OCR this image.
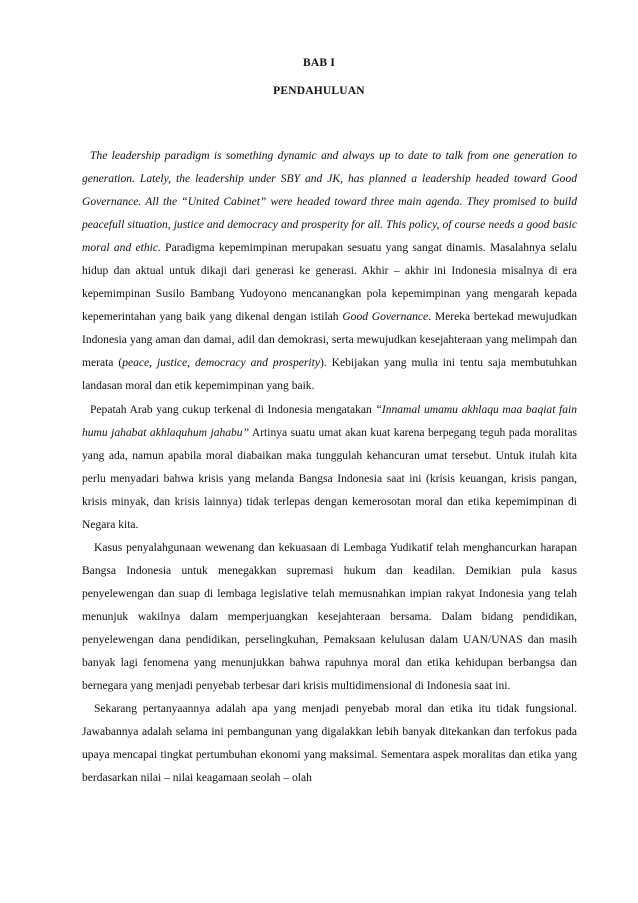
BAB I
PENDAHULUAN

The leadership paradigm is something dynamic and always up to date to talk from one generation to generation. Lately, the leadership under SBY and JK, has planned a leadership headed toward Good Governance. All the “United Cabinet” were headed toward three main agenda. They promised to build peacefull situation, justice and democracy and prosperity for all. This policy, of course needs a good basic moral and ethic. Paradigma kepemimpinan merupakan sesuatu yang sangat dinamis. Masalahnya selalu hidup dan aktual untuk dikaji dari generasi ke generasi. Akhir – akhir ini Indonesia misalnya di era kepemimpinan Susilo Bambang Yudoyono mencanangkan pola kepemimpinan yang mengarah kepada kepemerintahan yang baik yang dikenal dengan istilah Good Governance. Mereka bertekad mewujudkan Indonesia yang aman dan damai, adil dan demokrasi, serta mewujudkan kesejahteraan yang melimpah dan merata (peace, justice, democracy and prosperity). Kebijakan yang mulia ini tentu saja membutuhkan landasan moral dan etik kepemimpinan yang baik.

Pepatah Arab yang cukup terkenal di Indonesia mengatakan “Innamal umamu akhlaqu maa baqiat fain humu jahabat akhlaquhum jahabu” Artinya suatu umat akan kuat karena berpegang teguh pada moralitas yang ada, namun apabila moral diabaikan maka tunggulah kehancuran umat tersebut. Untuk itulah kita perlu menyadari bahwa krisis yang melanda Bangsa Indonesia saat ini (krisis keuangan, krisis pangan, krisis minyak, dan krisis lainnya) tidak terlepas dengan kemerosotan moral dan etika kepemimpinan di Negara kita.

Kasus penyalahgunaan wewenang dan kekuasaan di Lembaga Yudikatif telah menghancurkan harapan Bangsa Indonesia untuk menegakkan supremasi hukum dan keadilan. Demikian pula kasus penyelewengan dan suap di lembaga legislative telah memusnahkan impian rakyat Indonesia yang telah menunjuk wakilnya dalam memperjuangkan kesejahteraan bersama. Dalam bidang pendidikan, penyelewengan dana pendidikan, perselingkuhan, Pemaksaan kelulusan dalam UAN/UNAS dan masih banyak lagi fenomena yang menunjukkan bahwa rapuhnya moral dan etika kehidupan berbangsa dan bernegara yang menjadi penyebab terbesar dari krisis multidimensional di Indonesia saat ini.

Sekarang pertanyaannya adalah apa yang menjadi penyebab moral dan etika itu tidak fungsional. Jawabannya adalah selama ini pembangunan yang digalakkan lebih banyak ditekankan dan terfokus pada upaya mencapai tingkat pertumbuhan ekonomi yang maksimal. Sementara aspek moralitas dan etika yang berdasarkan nilai – nilai keagamaan seolah – olah
